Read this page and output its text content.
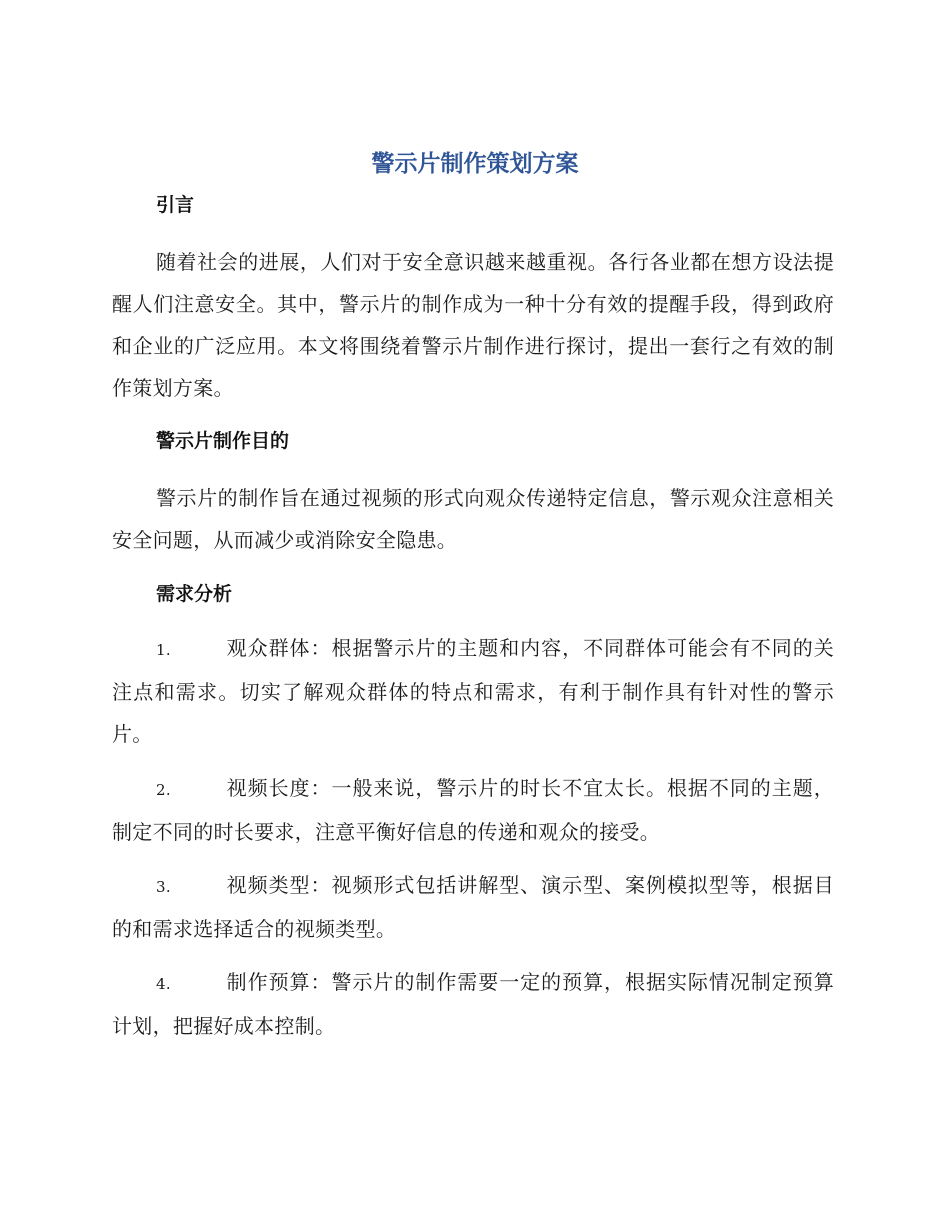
警示片制作策划方案
引言

随着社会的进展，人们对于安全意识越来越重视。各行各业都在想方设法提醒人们注意安全。其中，警示片的制作成为一种十分有效的提醒手段，得到政府和企业的广泛应用。本文将围绕着警示片制作进行探讨，提出一套行之有效的制作策划方案。

警示片制作目的

警示片的制作旨在通过视频的形式向观众传递特定信息，警示观众注意相关安全问题，从而减少或消除安全隐患。

需求分析
1.	观众群体：根据警示片的主题和内容，不同群体可能会有不同的关注点和需求。切实了解观众群体的特点和需求，有利于制作具有针对性的警示片。
2.	视频长度：一般来说，警示片的时长不宜太长。根据不同的主题，制定不同的时长要求，注意平衡好信息的传递和观众的接受。
3.	视频类型：视频形式包括讲解型、演示型、案例模拟型等，根据目的和需求选择适合的视频类型。
4.	制作预算：警示片的制作需要一定的预算，根据实际情况制定预算计划，把握好成本控制。
